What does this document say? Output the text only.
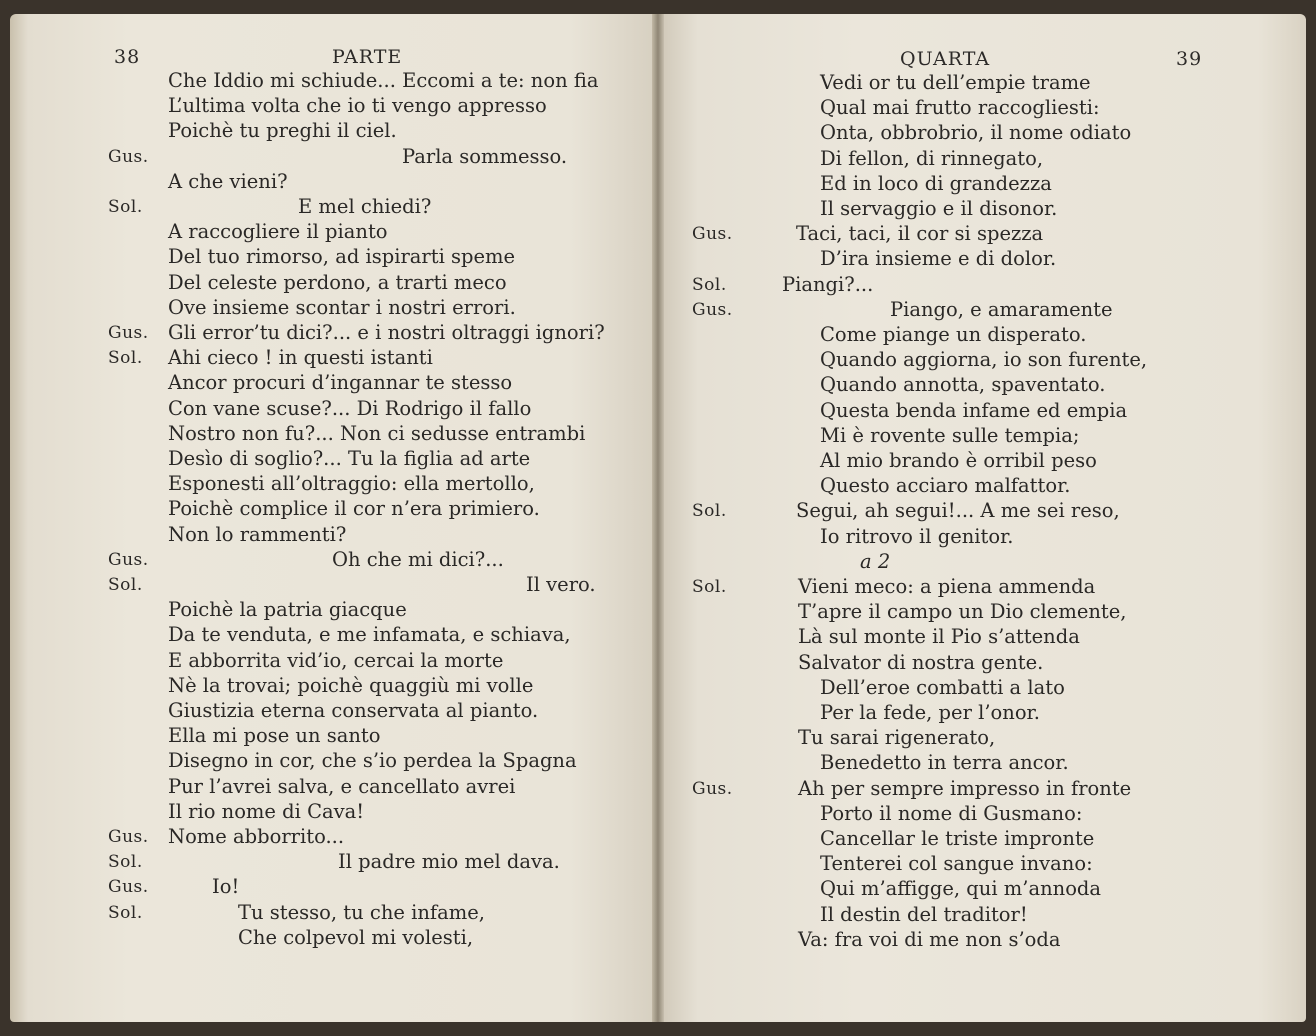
38	PARTE
Che Iddio mi schiude... Eccomi a te: non fia
L’ultima volta che io ti vengo appresso
Poichè tu preghi il ciel.
Gus.	Parla sommesso.
A che vieni?
Sol.	E mel chiedi?
A raccogliere il pianto
Del tuo rimorso, ad ispirarti speme
Del celeste perdono, a trarti meco
Ove insieme scontar i nostri errori.
Gus. Gli error’tu dici?... e i nostri oltraggi ignori?
Sol. Ahi cieco ! in questi istanti
Ancor procuri d’ingannar te stesso
Con vane scuse?... Di Rodrigo il fallo
Nostro non fu?... Non ci sedusse entrambi
Desìo di soglio?... Tu la figlia ad arte
Esponesti all’oltraggio: ella mertollo,
Poichè complice il cor n’era primiero.
Non lo rammenti?
Gus.	Oh che mi dici?...
Sol.	Il vero.
Poichè la patria giacque
Da te venduta, e me infamata, e schiava,
E abborrita vid’io, cercai la morte
Nè la trovai; poichè quaggiù mi volle
Giustizia eterna conservata al pianto.
Ella mi pose un santo
Disegno in cor, che s’io perdea la Spagna
Pur l’avrei salva, e cancellato avrei
Il rio nome di Cava!
Gus. Nome abborrito...
Sol.	Il padre mio mel dava.
Gus.	Io!
Sol.	Tu stesso, tu che infame,
Che colpevol mi volesti,
QUARTA	39
Vedi or tu dell’empie trame
Qual mai frutto raccogliesti:
Onta, obbrobrio, il nome odiato
Di fellon, di rinnegato,
Ed in loco di grandezza
Il servaggio e il disonor.
Gus.	Taci, taci, il cor si spezza
D’ira insieme e di dolor.
Sol.	Piangi?...
Gus.	Piango, e amaramente
Come piange un disperato.
Quando aggiorna, io son furente,
Quando annotta, spaventato.
Questa benda infame ed empia
Mi è rovente sulle tempia;
Al mio brando è orribil peso
Questo acciaro malfattor.
Sol.	Segui, ah segui!... A me sei reso,
Io ritrovo il genitor.
a 2
Sol.	Vieni meco: a piena ammenda
T’apre il campo un Dio clemente,
Là sul monte il Pio s’attenda
Salvator di nostra gente.
Dell’eroe combatti a lato
Per la fede, per l’onor.
Tu sarai rigenerato,
Benedetto in terra ancor.
Gus.	Ah per sempre impresso in fronte
Porto il nome di Gusmano:
Cancellar le triste impronte
Tenterei col sangue invano:
Qui m’affigge, qui m’annoda
Il destin del traditor!
Va: fra voi di me non s’oda
